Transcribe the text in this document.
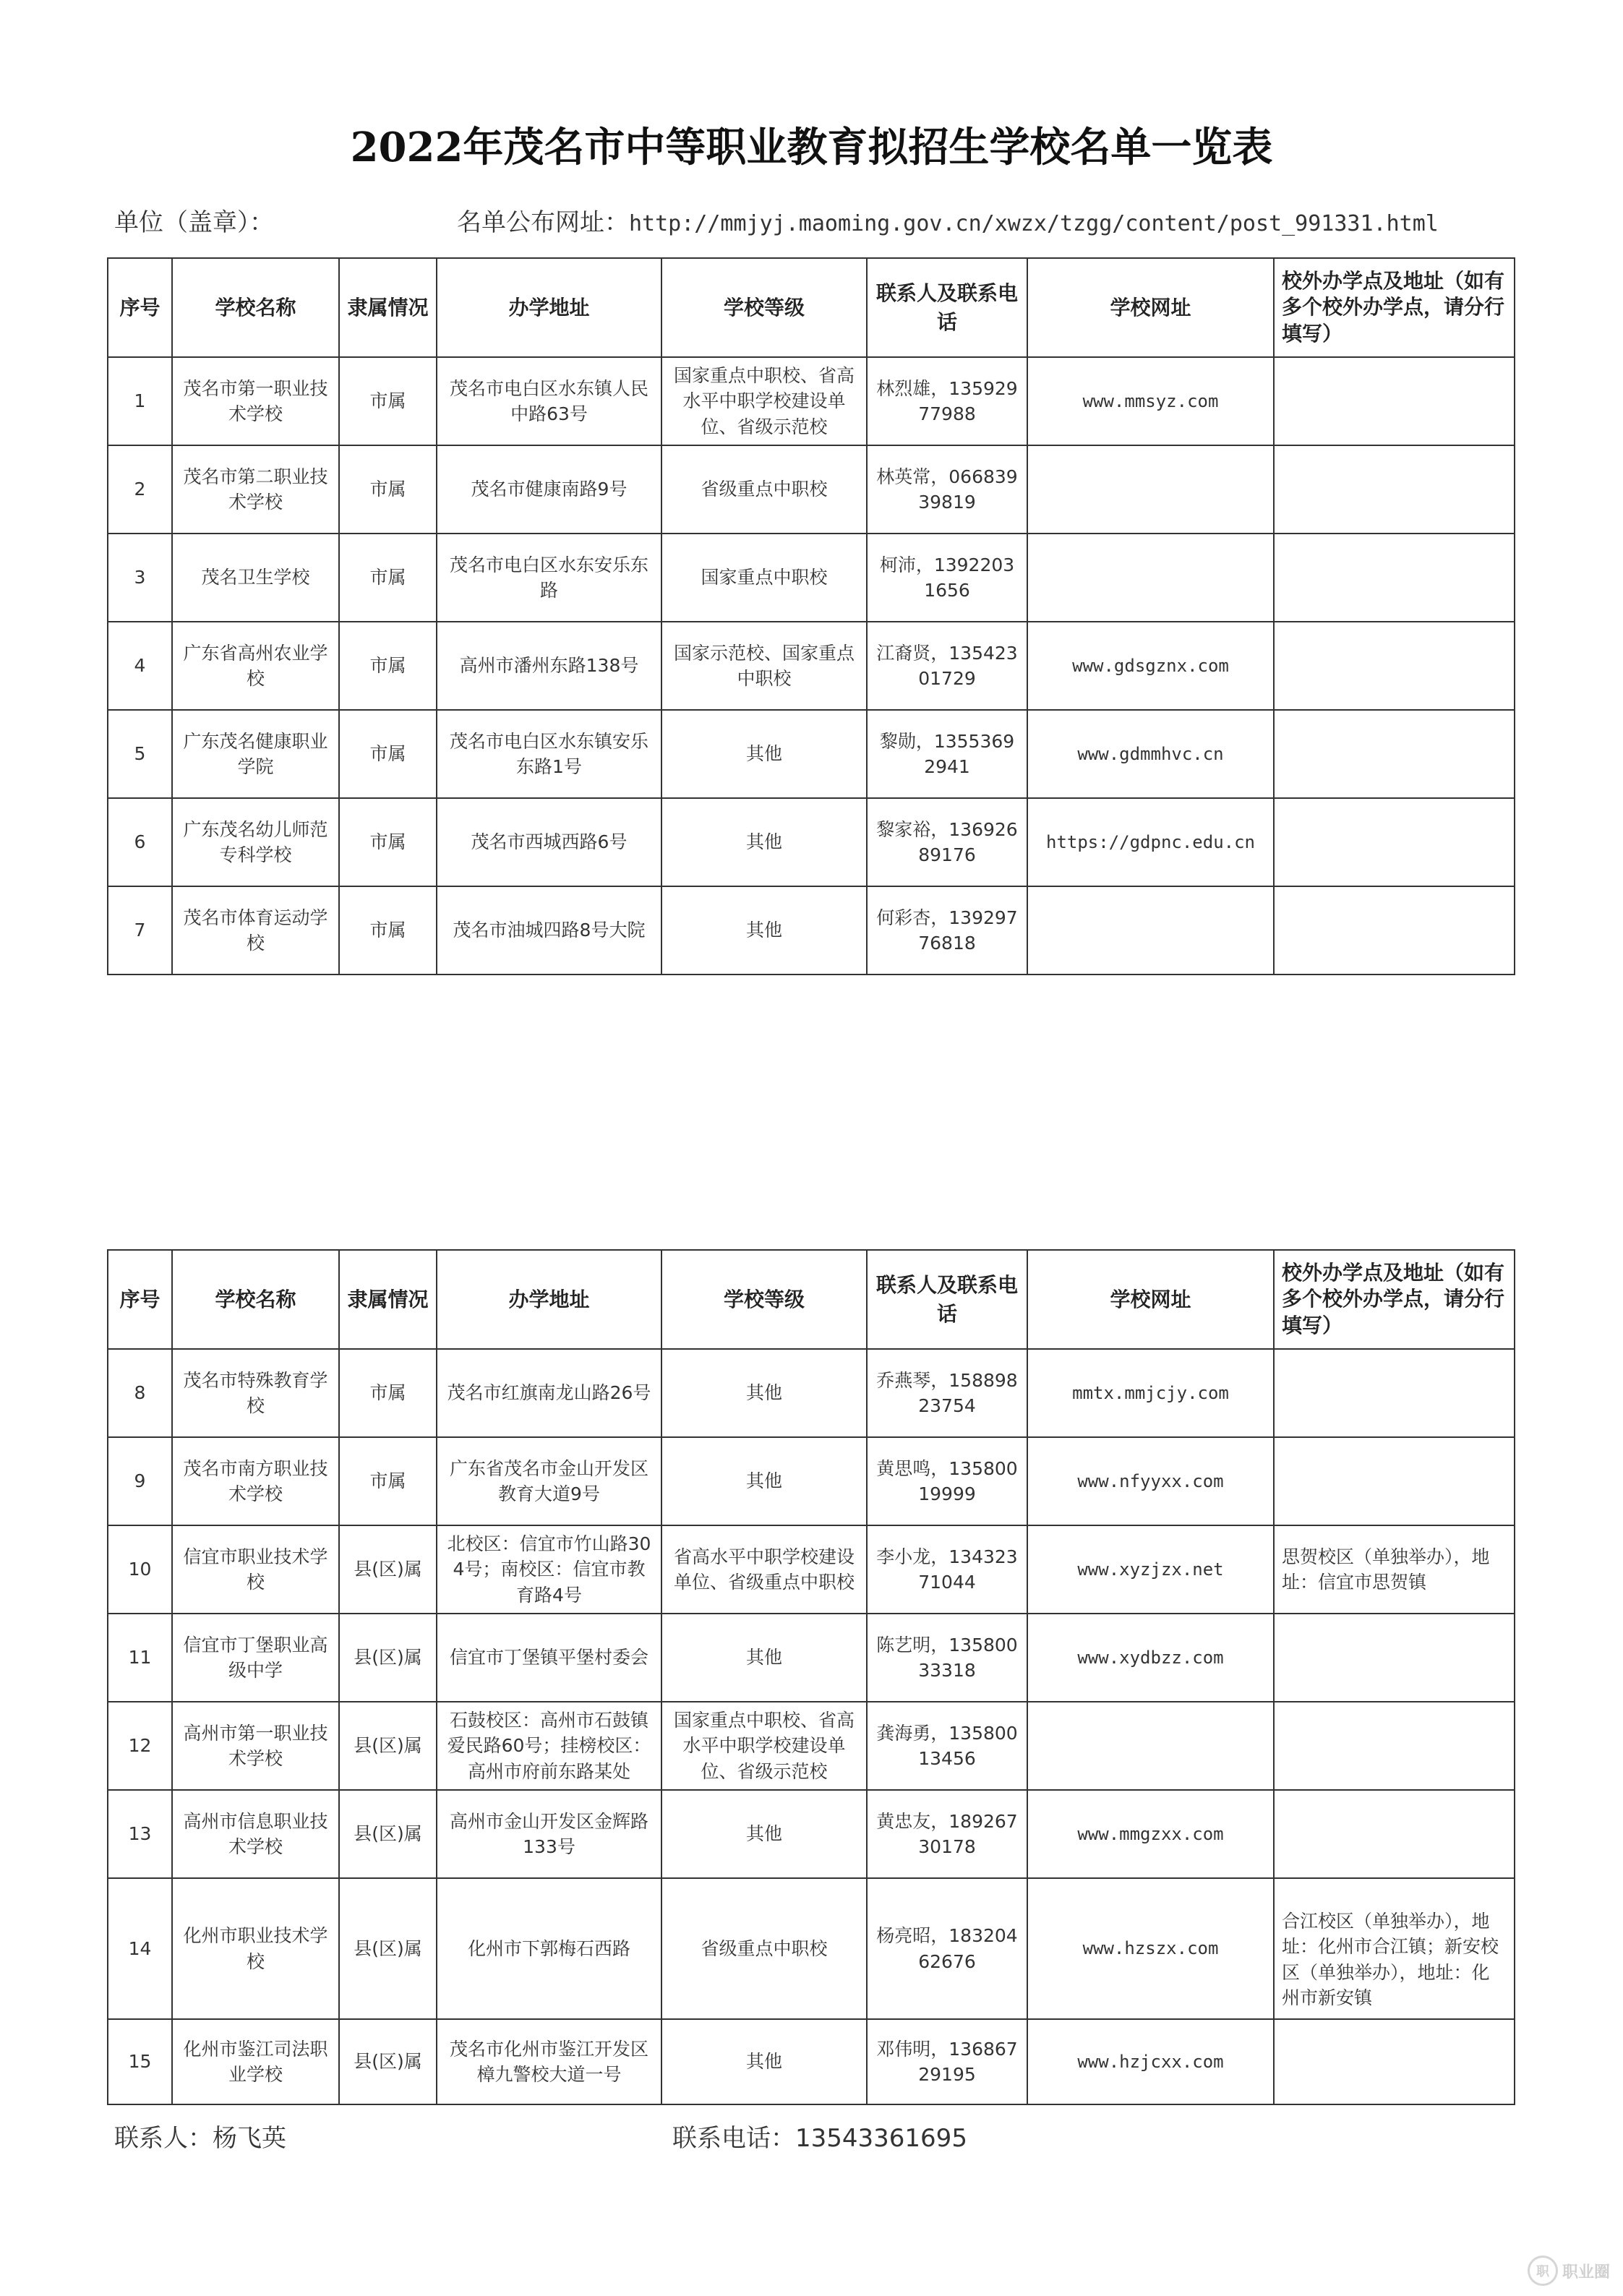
2022年茂名市中等职业教育拟招生学校名单一览表
单位（盖章）：	名单公布网址：http://mmjyj.maoming.gov.cn/xwzx/tzgg/content/post_991331.html
序号	学校名称	隶属情况	办学地址	学校等级	联系人及联系电话	学校网址	校外办学点及地址（如有多个校外办学点，请分行填写）

1	茂名市第一职业技术学校	市属	茂名市电白区水东镇人民中路63号	国家重点中职校、省高水平中职学校建设单位、省级示范校	林烈雄，13592977988	www.mmsyz.com	

2	茂名市第二职业技术学校	市属	茂名市健康南路9号	省级重点中职校	林英常，06683939819		

3	茂名卫生学校	市属	茂名市电白区水东安乐东路	国家重点中职校	柯沛，13922031656		

4	广东省高州农业学校	市属	高州市潘州东路138号	国家示范校、国家重点中职校	江裔贤，13542301729	www.gdsgznx.com	

5	广东茂名健康职业学院	市属	茂名市电白区水东镇安乐东路1号	其他	黎勋，13553692941	www.gdmmhvc.cn	

6	广东茂名幼儿师范专科学校	市属	茂名市西城西路6号	其他	黎家裕，13692689176	https://gdpnc.edu.cn	

7	茂名市体育运动学校	市属	茂名市油城四路8号大院	其他	何彩杏，13929776818		

序号	学校名称	隶属情况	办学地址	学校等级	联系人及联系电话	学校网址	校外办学点及地址（如有多个校外办学点，请分行填写）

8	茂名市特殊教育学校	市属	茂名市红旗南龙山路26号	其他	乔燕琴，15889823754	mmtx.mmjcjy.com	

9	茂名市南方职业技术学校	市属	广东省茂名市金山开发区教育大道9号	其他	黄思鸣，13580019999	www.nfyyxx.com	

10	信宜市职业技术学校	县(区)属	北校区：信宜市竹山路304号；南校区：信宜市教育路4号	省高水平中职学校建设单位、省级重点中职校	李小龙，13432371044	www.xyzjzx.net	思贺校区（单独举办），地址：信宜市思贺镇

11	信宜市丁堡职业高级中学	县(区)属	信宜市丁堡镇平堡村委会	其他	陈艺明，13580033318	www.xydbzz.com	

12	高州市第一职业技术学校	县(区)属	石鼓校区：高州市石鼓镇爱民路60号；挂榜校区：高州市府前东路某处	国家重点中职校、省高水平中职学校建设单位、省级示范校	龚海勇，13580013456		

13	高州市信息职业技术学校	县(区)属	高州市金山开发区金辉路133号	其他	黄忠友，18926730178	www.mmgzxx.com	

14	化州市职业技术学校	县(区)属	化州市下郭梅石西路	省级重点中职校	杨亮昭，18320462676	www.hzszx.com	合江校区（单独举办），地址：化州市合江镇；新安校区（单独举办），地址：化州市新安镇

15	化州市鉴江司法职业学校	县(区)属	茂名市化州市鉴江开发区樟九警校大道一号	其他	邓伟明，13686729195	www.hzjcxx.com	

联系人：杨飞英	联系电话：13543361695
职 职业圈
